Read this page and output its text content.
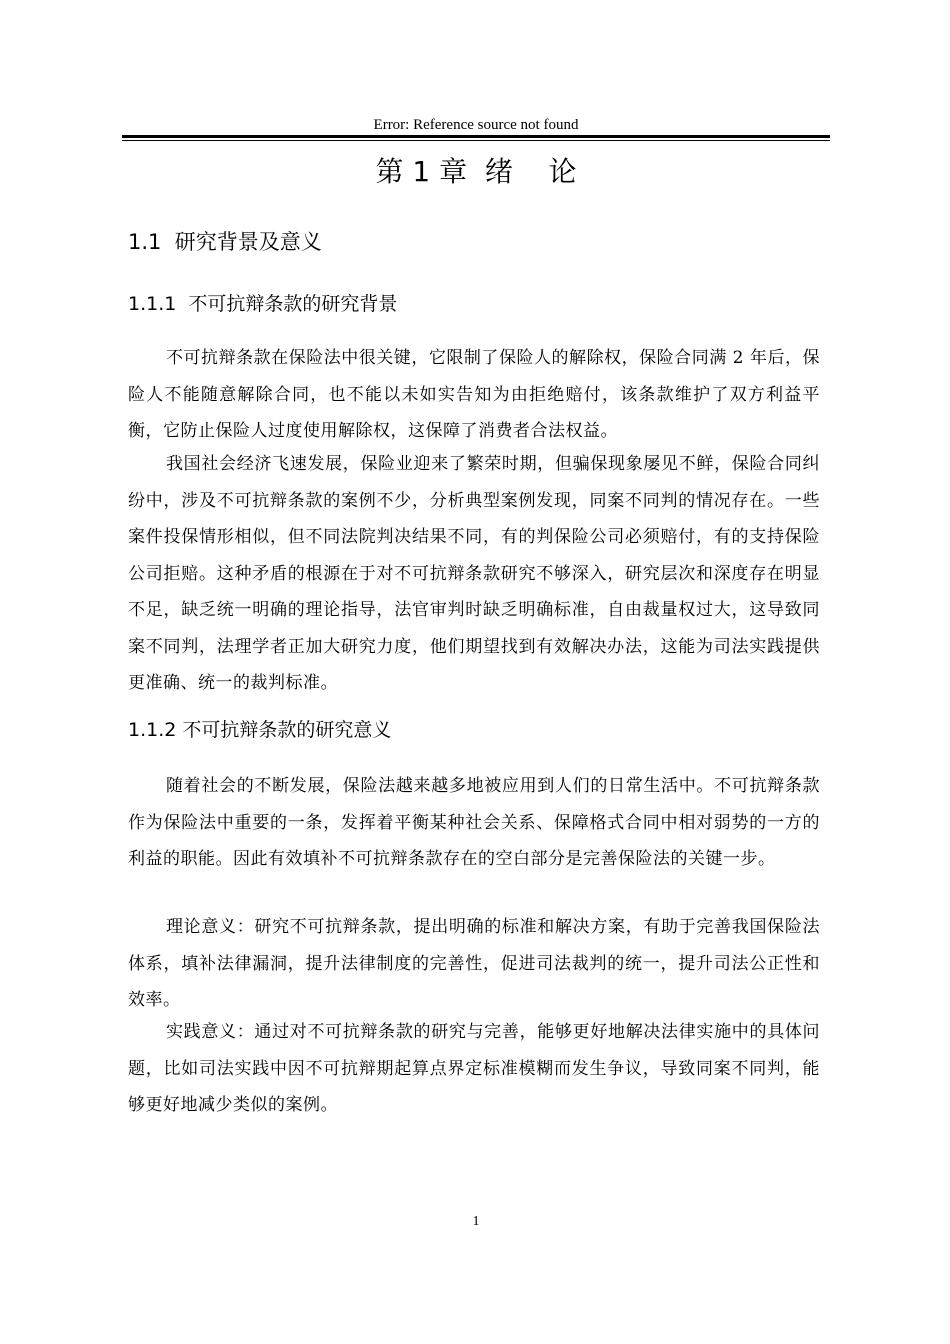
Error: Reference source not found
第 1 章  绪    论
1.1  研究背景及意义
1.1.1  不可抗辩条款的研究背景

不可抗辩条款在保险法中很关键，它限制了保险人的解除权，保险合同满 2 年后，保险人不能随意解除合同，也不能以未如实告知为由拒绝赔付，该条款维护了双方利益平衡，它防止保险人过度使用解除权，这保障了消费者合法权益。

我国社会经济飞速发展，保险业迎来了繁荣时期，但骗保现象屡见不鲜，保险合同纠纷中，涉及不可抗辩条款的案例不少，分析典型案例发现，同案不同判的情况存在。一些案件投保情形相似，但不同法院判决结果不同，有的判保险公司必须赔付，有的支持保险公司拒赔。这种矛盾的根源在于对不可抗辩条款研究不够深入，研究层次和深度存在明显不足，缺乏统一明确的理论指导，法官审判时缺乏明确标准，自由裁量权过大，这导致同案不同判，法理学者正加大研究力度，他们期望找到有效解决办法，这能为司法实践提供更准确、统一的裁判标准。

1.1.2 不可抗辩条款的研究意义

随着社会的不断发展，保险法越来越多地被应用到人们的日常生活中。不可抗辩条款作为保险法中重要的一条，发挥着平衡某种社会关系、保障格式合同中相对弱势的一方的利益的职能。因此有效填补不可抗辩条款存在的空白部分是完善保险法的关键一步。

理论意义：研究不可抗辩条款，提出明确的标准和解决方案，有助于完善我国保险法体系，填补法律漏洞，提升法律制度的完善性，促进司法裁判的统一，提升司法公正性和效率。

实践意义：通过对不可抗辩条款的研究与完善，能够更好地解决法律实施中的具体问题，比如司法实践中因不可抗辩期起算点界定标准模糊而发生争议，导致同案不同判，能够更好地减少类似的案例。

1
